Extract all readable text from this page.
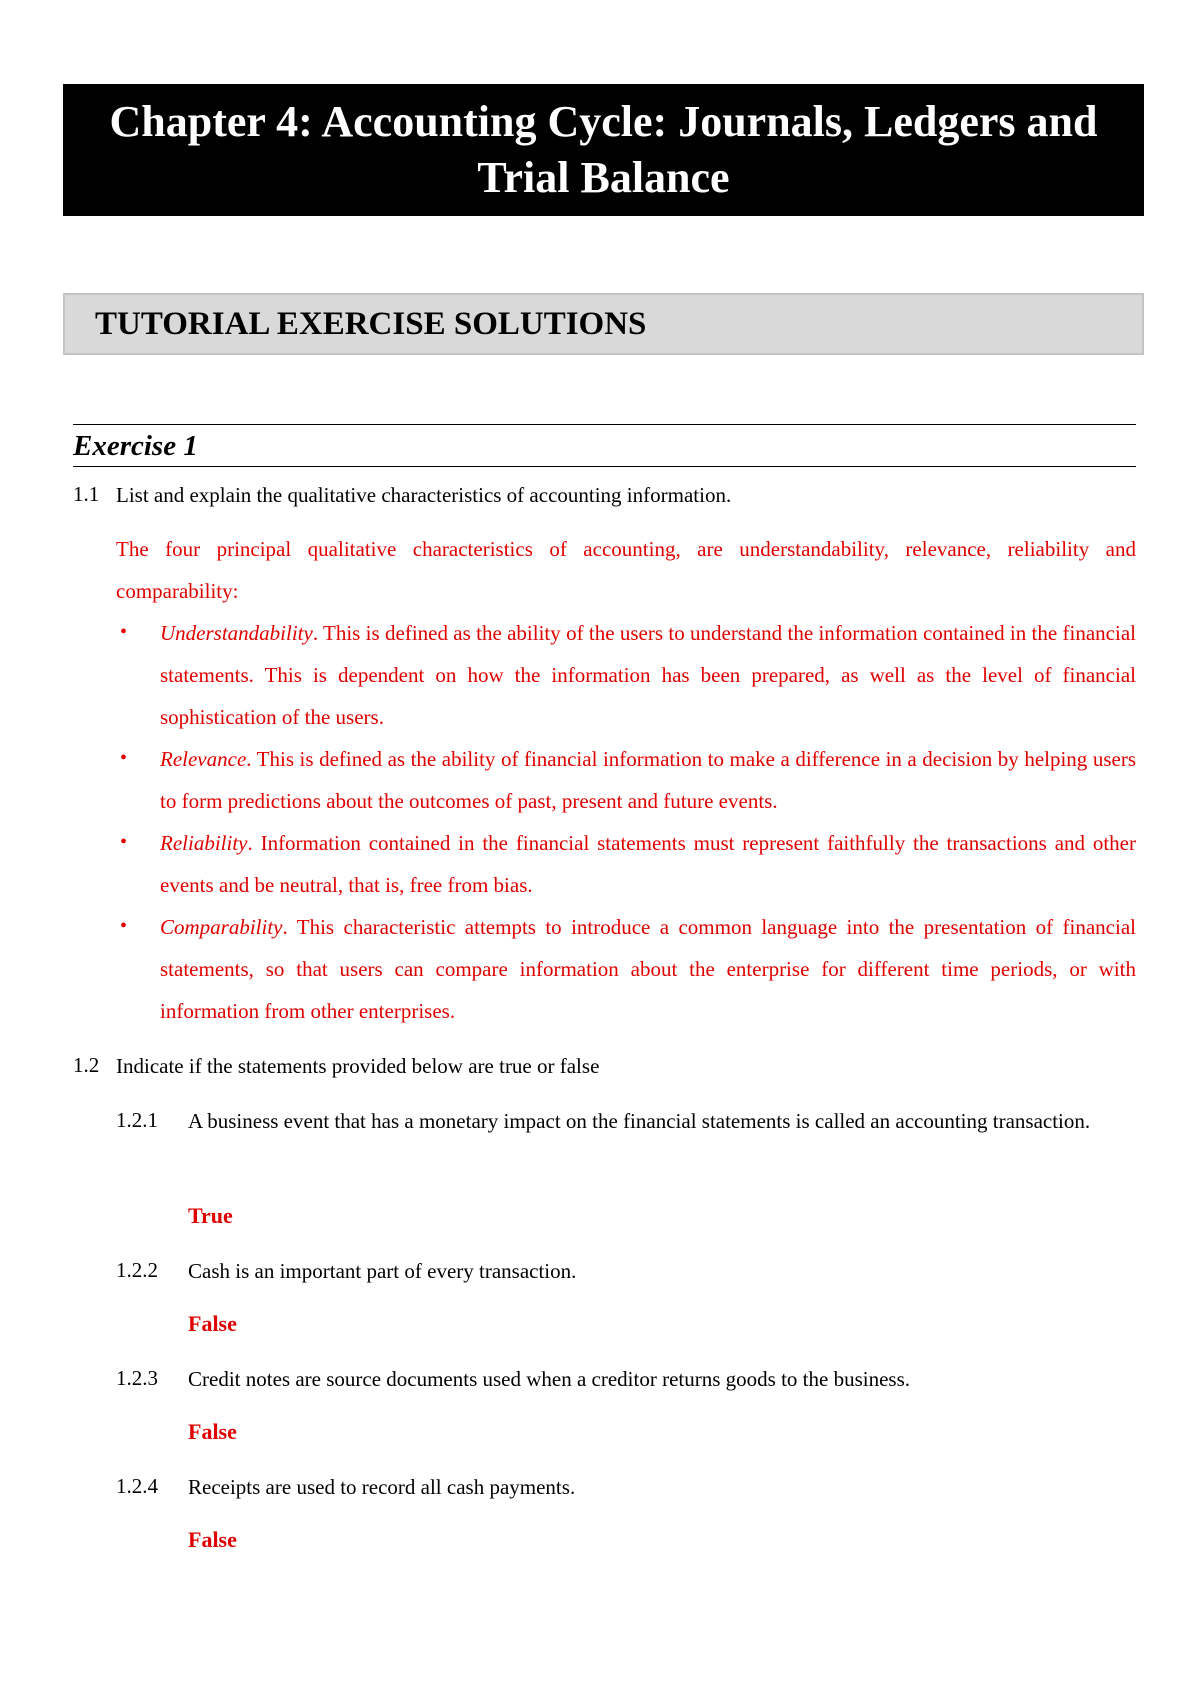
Chapter 4: Accounting Cycle: Journals, Ledgers and Trial Balance
TUTORIAL EXERCISE SOLUTIONS
Exercise 1
1.1 List and explain the qualitative characteristics of accounting information.
The four principal qualitative characteristics of accounting, are understandability, relevance, reliability and comparability:
• Understandability. This is defined as the ability of the users to understand the information contained in the financial statements. This is dependent on how the information has been prepared, as well as the level of financial sophistication of the users.
• Relevance. This is defined as the ability of financial information to make a difference in a decision by helping users to form predictions about the outcomes of past, present and future events.
• Reliability. Information contained in the financial statements must represent faithfully the transactions and other events and be neutral, that is, free from bias.
• Comparability. This characteristic attempts to introduce a common language into the presentation of financial statements, so that users can compare information about the enterprise for different time periods, or with information from other enterprises.
1.2 Indicate if the statements provided below are true or false
1.2.1 A business event that has a monetary impact on the financial statements is called an accounting transaction.
True
1.2.2 Cash is an important part of every transaction.
False
1.2.3 Credit notes are source documents used when a creditor returns goods to the business.
False
1.2.4 Receipts are used to record all cash payments.
False
